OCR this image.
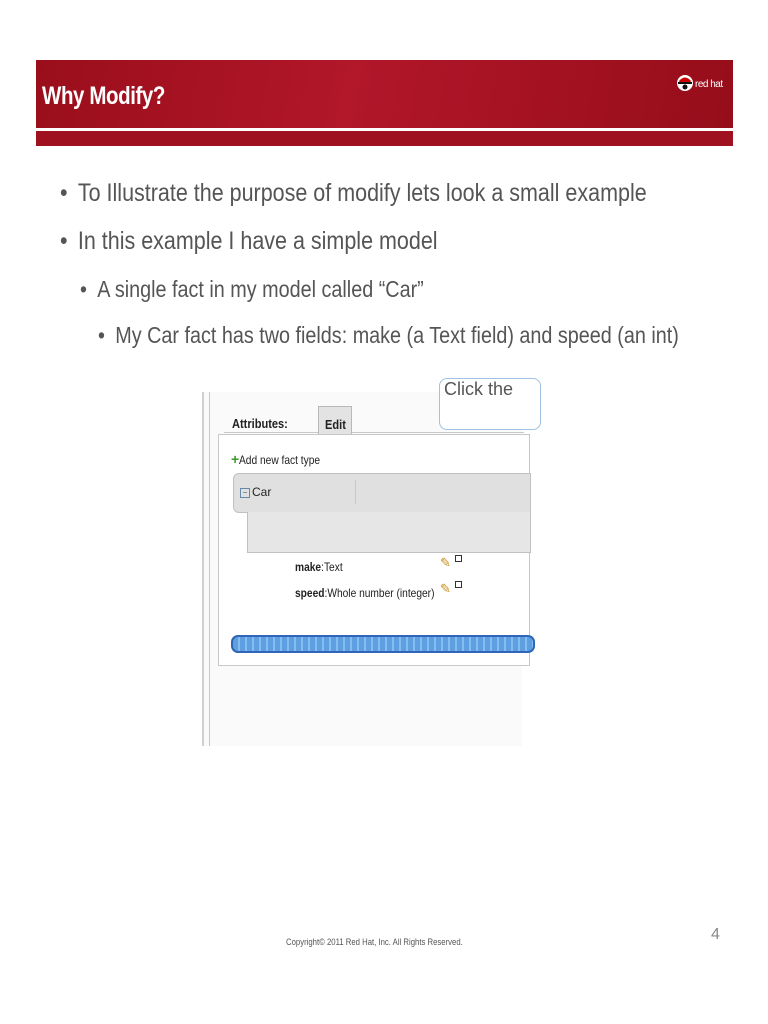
Why Modify?	red hat
• To Illustrate the purpose of modify lets look a small example
• In this example I have a simple model
• A single fact in my model called “Car”
• My Car fact has two fields: make (a Text field) and speed (an int)
Click the
Attributes:	Edit
+Add new fact type
− Car
make:Text	✎
speed:Whole number (integer) ✎
Copyright© 2011 Red Hat, Inc. All Rights Reserved.	4
